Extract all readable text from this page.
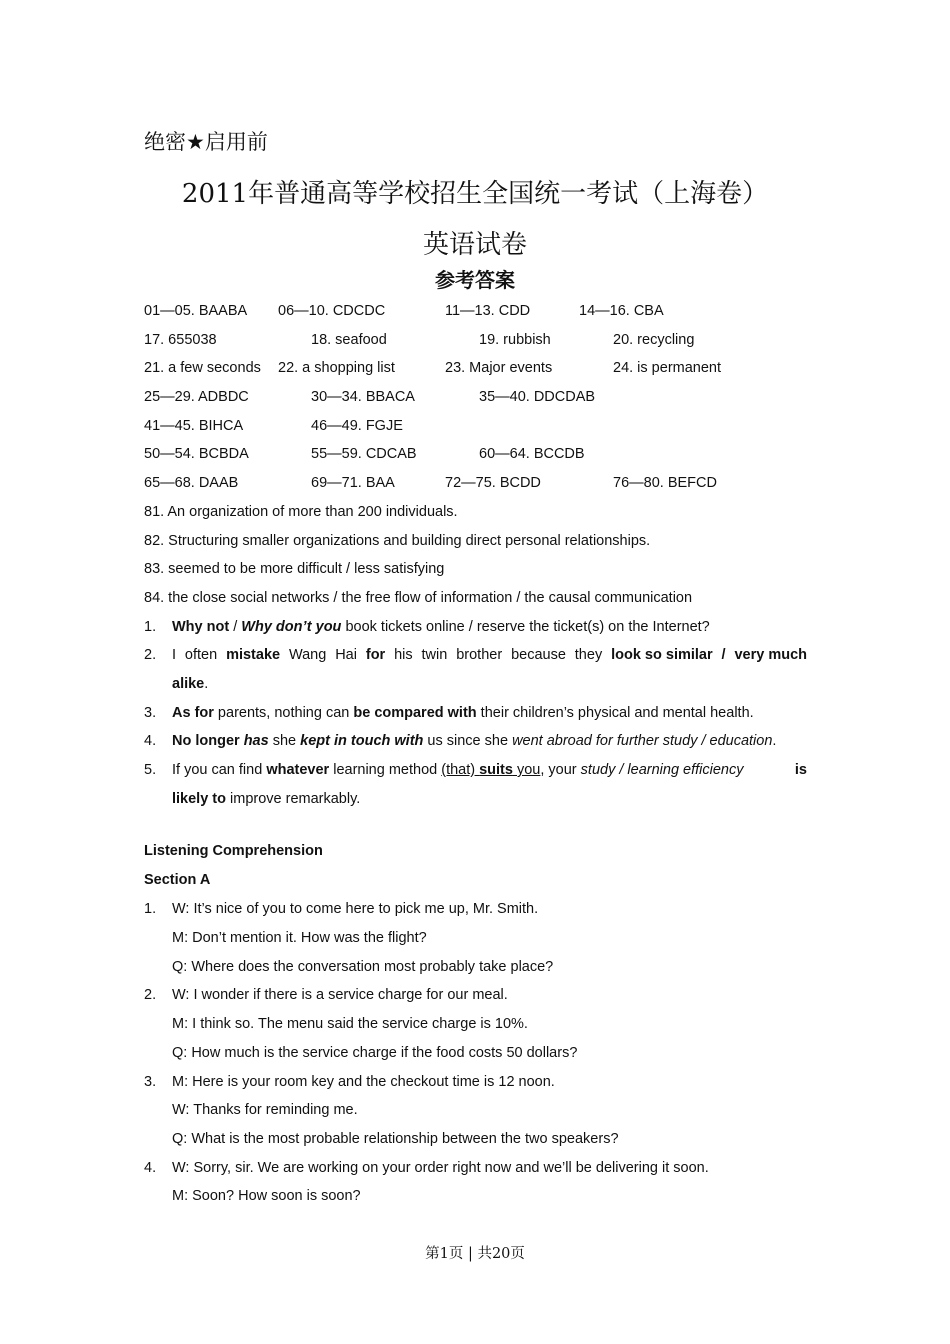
绝密★启用前
2011年普通高等学校招生全国统一考试（上海卷）
英语试卷
参考答案
01—05. BAABA 06—10. CDCDC	11—13. CDD	14—16. CBA
17. 655038	18. seafood	19. rubbish	20. recycling
21. a few seconds 22. a shopping list	23. Major events	24. is permanent
25—29. ADBDC	30—34. BBACA	35—40. DDCDAB
41—45. BIHCA	46—49. FGJE
50—54. BCBDA	55—59. CDCAB	60—64. BCCDB
65—68. DAAB	69—71. BAA	72—75. BCDD	76—80. BEFCD
81. An organization of more than 200 individuals.
82. Structuring smaller organizations and building direct personal relationships.
83. seemed to be more difficult / less satisfying
84. the close social networks / the free flow of information / the causal communication
1. Why not / Why don’t you book tickets online / reserve the ticket(s) on the Internet?
2.	I often mistake Wang Hai for his twin brother because they look so similar / very much
alike.
3. As for parents, nothing can be compared with their children’s physical and mental health.
4. No longer has she kept in touch with us since she went abroad for further study / education.
5.	If you can find whatever learning method (that) suits you, your study / learning efficiency	is
likely to improve remarkably.
Listening Comprehension
Section A
1. W: It’s nice of you to come here to pick me up, Mr. Smith.
M: Don’t mention it. How was the flight?
Q: Where does the conversation most probably take place?
2. W: I wonder if there is a service charge for our meal.
M: I think so. The menu said the service charge is 10%.
Q: How much is the service charge if the food costs 50 dollars?
3. M: Here is your room key and the checkout time is 12 noon.
W: Thanks for reminding me.
Q: What is the most probable relationship between the two speakers?
4. W: Sorry, sir. We are working on your order right now and we’ll be delivering it soon.
M: Soon? How soon is soon?
第1页 | 共20页
